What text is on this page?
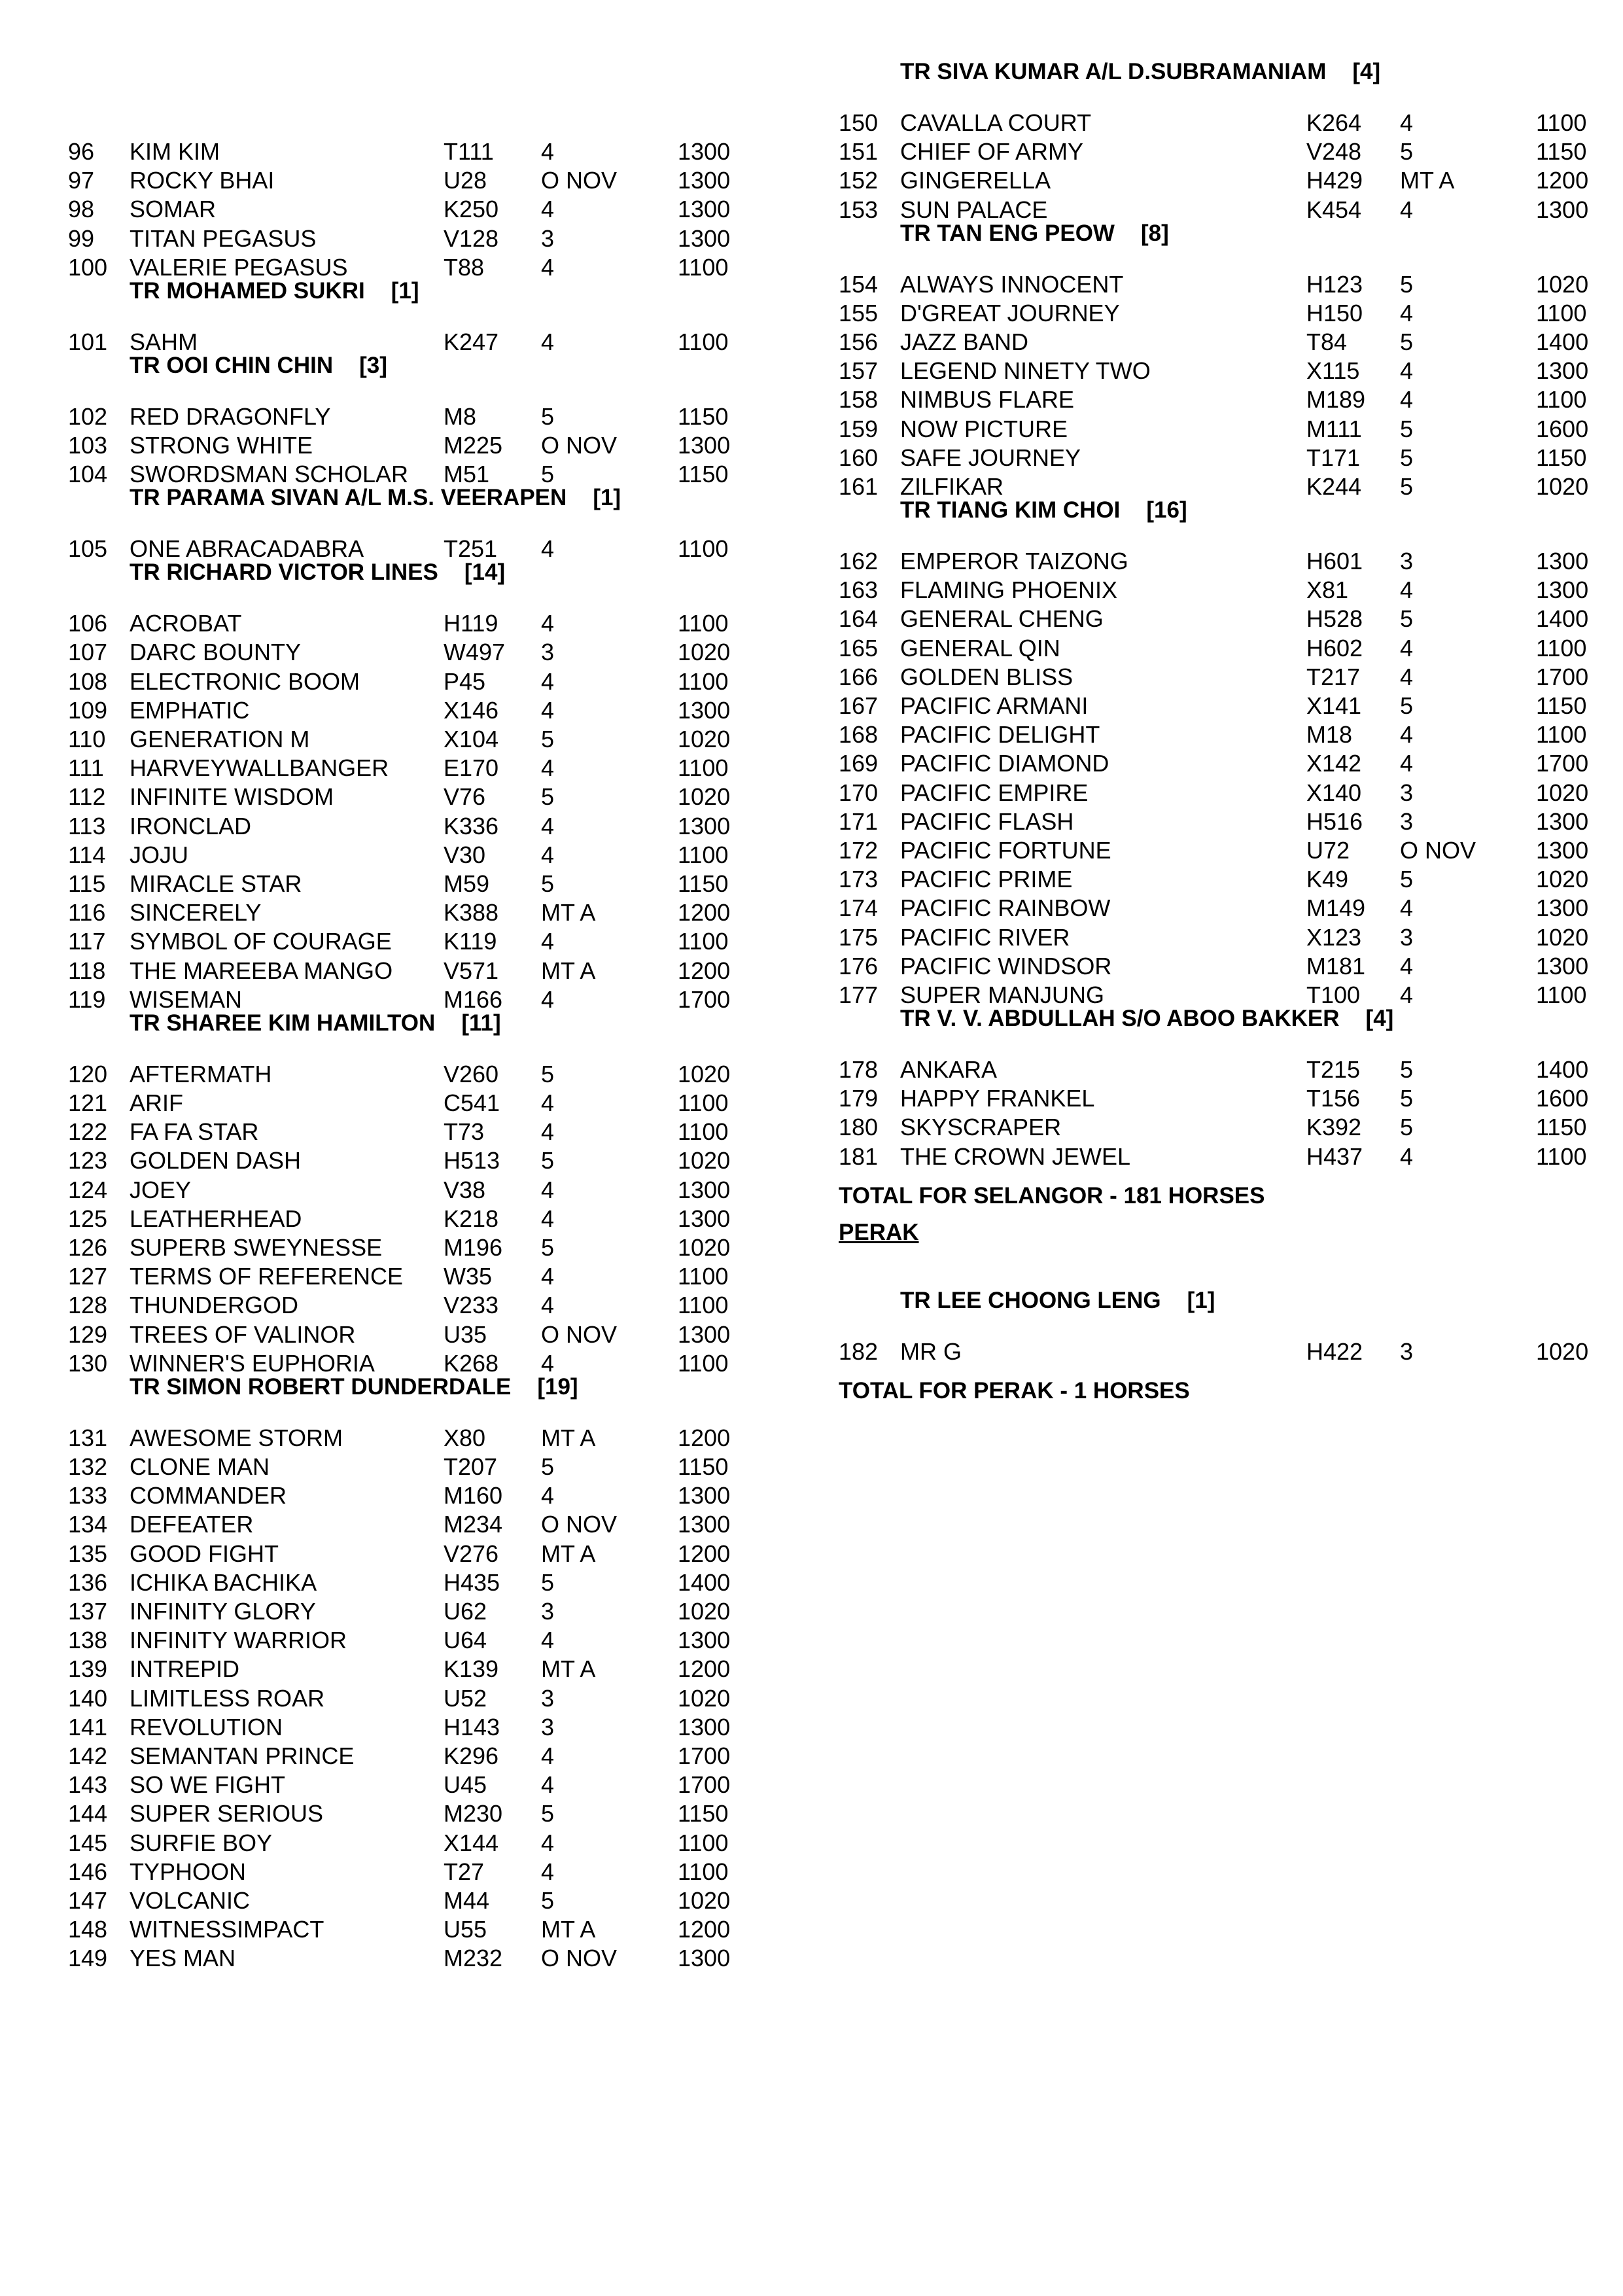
96 KIM KIM	T111 4	1300
97 ROCKY BHAI	U28 O NOV	1300
98 SOMAR	K250 4	1300
99 TITAN PEGASUS	V128 3	1300
100 VALERIE PEGASUS	T88 4	1100
TR MOHAMED SUKRI [1]
101 SAHM	K247 4	1100
TR OOI CHIN CHIN [3]
102 RED DRAGONFLY	M8	5	1150
103 STRONG WHITE	M225 O NOV	1300
104 SWORDSMAN SCHOLAR M51 5	1150
TR PARAMA SIVAN A/L M.S. VEERAPEN [1]
105 ONE ABRACADABRA	T251 4	1100
TR RICHARD VICTOR LINES [14]
106 ACROBAT	H119 4	1100
107 DARC BOUNTY	W497 3	1020
108 ELECTRONIC BOOM	P45 4	1100
109 EMPHATIC	X146 4	1300
110 GENERATION M	X104 5	1020
111 HARVEYWALLBANGER E170 4	1100
112 INFINITE WISDOM	V76 5	1020
113 IRONCLAD	K336 4	1300
114 JOJU	V30 4	1100
115 MIRACLE STAR	M59 5	1150
116 SINCERELY	K388 MT A	1200
117 SYMBOL OF COURAGE K119 4	1100
118 THE MAREEBA MANGO V571 MT A	1200
119 WISEMAN	M166 4	1700
TR SHAREE KIM HAMILTON [11]
120 AFTERMATH	V260 5	1020
121 ARIF	C541 4	1100
122 FA FA STAR	T73 4	1100
123 GOLDEN DASH	H513 5	1020
124 JOEY	V38 4	1300
125 LEATHERHEAD	K218 4	1300
126 SUPERB SWEYNESSE	M196 5	1020
127 TERMS OF REFERENCE W35 4	1100
128 THUNDERGOD	V233 4	1100
129 TREES OF VALINOR	U35 O NOV	1300
130 WINNER'S EUPHORIA	K268 4	1100
TR SIMON ROBERT DUNDERDALE [19]
131 AWESOME STORM	X80 MT A	1200
132 CLONE MAN	T207 5	1150
133 COMMANDER	M160 4	1300
134 DEFEATER	M234 O NOV	1300
135 GOOD FIGHT	V276 MT A	1200
136 ICHIKA BACHIKA	H435 5	1400
137 INFINITY GLORY	U62 3	1020
138 INFINITY WARRIOR	U64 4	1300
139 INTREPID	K139 MT A	1200
140 LIMITLESS ROAR	U52 3	1020
141 REVOLUTION	H143 3	1300
142 SEMANTAN PRINCE	K296 4	1700
143 SO WE FIGHT	U45 4	1700
144 SUPER SERIOUS	M230 5	1150
145 SURFIE BOY	X144 4	1100
146 TYPHOON	T27 4	1100
147 VOLCANIC	M44 5	1020
148 WITNESSIMPACT	U55 MT A	1200
149 YES MAN	M232 O NOV	1300
TR SIVA KUMAR A/L D.SUBRAMANIAM [4]
150 CAVALLA COURT	K264 4	1100
151 CHIEF OF ARMY	V248 5	1150
152 GINGERELLA	H429 MT A	1200
153 SUN PALACE	K454 4	1300
TR TAN ENG PEOW [8]
154 ALWAYS INNOCENT	H123 5	1020
155 D'GREAT JOURNEY	H150 4	1100
156 JAZZ BAND	T84 5	1400
157 LEGEND NINETY TWO	X115 4	1300
158 NIMBUS FLARE	M189 4	1100
159 NOW PICTURE	M111 5	1600
160 SAFE JOURNEY	T171 5	1150
161 ZILFIKAR	K244 5	1020
TR TIANG KIM CHOI [16]
162 EMPEROR TAIZONG	H601 3	1300
163 FLAMING PHOENIX	X81 4	1300
164 GENERAL CHENG	H528 5	1400
165 GENERAL QIN	H602 4	1100
166 GOLDEN BLISS	T217 4	1700
167 PACIFIC ARMANI	X141 5	1150
168 PACIFIC DELIGHT	M18 4	1100
169 PACIFIC DIAMOND	X142 4	1700
170 PACIFIC EMPIRE	X140 3	1020
171 PACIFIC FLASH	H516 3	1300
172 PACIFIC FORTUNE	U72 O NOV	1300
173 PACIFIC PRIME	K49 5	1020
174 PACIFIC RAINBOW	M149 4	1300
175 PACIFIC RIVER	X123 3	1020
176 PACIFIC WINDSOR	M181 4	1300
177 SUPER MANJUNG	T100 4	1100
TR V. V. ABDULLAH S/O ABOO BAKKER [4]
178 ANKARA	T215 5	1400
179 HAPPY FRANKEL	T156 5	1600
180 SKYSCRAPER	K392 5	1150
181 THE CROWN JEWEL	H437 4	1100
TOTAL FOR SELANGOR - 181 HORSES
PERAK
TR LEE CHOONG LENG [1]
182 MR G	H422 3	1020
TOTAL FOR PERAK - 1 HORSES
